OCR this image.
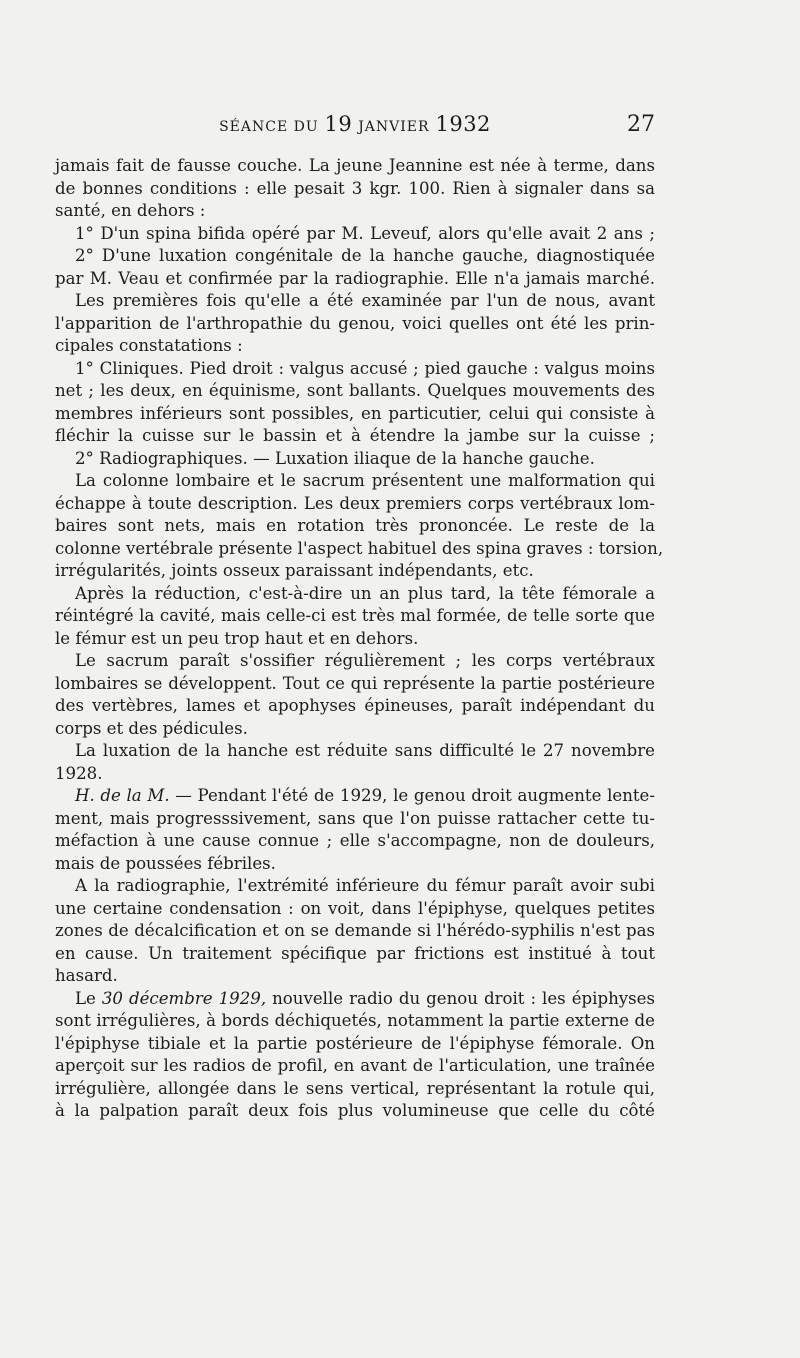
SÉANCE DU 19 JANVIER 1932	27
jamais fait de fausse couche. La jeune Jeannine est née à terme, dans
de bonnes conditions : elle pesait 3 kgr. 100. Rien à signaler dans sa
santé, en dehors :
1° D'un spina bifida opéré par M. Leveuf, alors qu'elle avait 2 ans ;
2° D'une luxation congénitale de la hanche gauche, diagnostiquée
par M. Veau et confirmée par la radiographie. Elle n'a jamais marché.
Les premières fois qu'elle a été examinée par l'un de nous, avant
l'apparition de l'arthropathie du genou, voici quelles ont été les prin-
cipales constatations :
1° Cliniques. Pied droit : valgus accusé ; pied gauche : valgus moins
net ; les deux, en équinisme, sont ballants. Quelques mouvements des
membres inférieurs sont possibles, en particutier, celui qui consiste à
fléchir la cuisse sur le bassin et à étendre la jambe sur la cuisse ;
2° Radiographiques. — Luxation iliaque de la hanche gauche.
La colonne lombaire et le sacrum présentent une malformation qui
échappe à toute description. Les deux premiers corps vertébraux lom-
baires sont nets, mais en rotation très prononcée. Le reste de la
colonne vertébrale présente l'aspect habituel des spina graves : torsion,
irrégularités, joints osseux paraissant indépendants, etc.
Après la réduction, c'est-à-dire un an plus tard, la tête fémorale a
réintégré la cavité, mais celle-ci est très mal formée, de telle sorte que
le fémur est un peu trop haut et en dehors.
Le sacrum paraît s'ossifier régulièrement ; les corps vertébraux
lombaires se développent. Tout ce qui représente la partie postérieure
des vertèbres, lames et apophyses épineuses, paraît indépendant du
corps et des pédicules.
La luxation de la hanche est réduite sans difficulté le 27 novembre
1928.
H. de la M. — Pendant l'été de 1929, le genou droit augmente lente-
ment, mais progresssivement, sans que l'on puisse rattacher cette tu-
méfaction à une cause connue ; elle s'accompagne, non de douleurs,
mais de poussées fébriles.
A la radiographie, l'extrémité inférieure du fémur paraît avoir subi
une certaine condensation : on voit, dans l'épiphyse, quelques petites
zones de décalcification et on se demande si l'hérédo-syphilis n'est pas
en cause. Un traitement spécifique par frictions est institué à tout
hasard.
Le 30 décembre 1929, nouvelle radio du genou droit : les épiphyses
sont irrégulières, à bords déchiquetés, notamment la partie externe de
l'épiphyse tibiale et la partie postérieure de l'épiphyse fémorale. On
aperçoit sur les radios de profil, en avant de l'articulation, une traînée
irrégulière, allongée dans le sens vertical, représentant la rotule qui,
à la palpation paraît deux fois plus volumineuse que celle du côté
